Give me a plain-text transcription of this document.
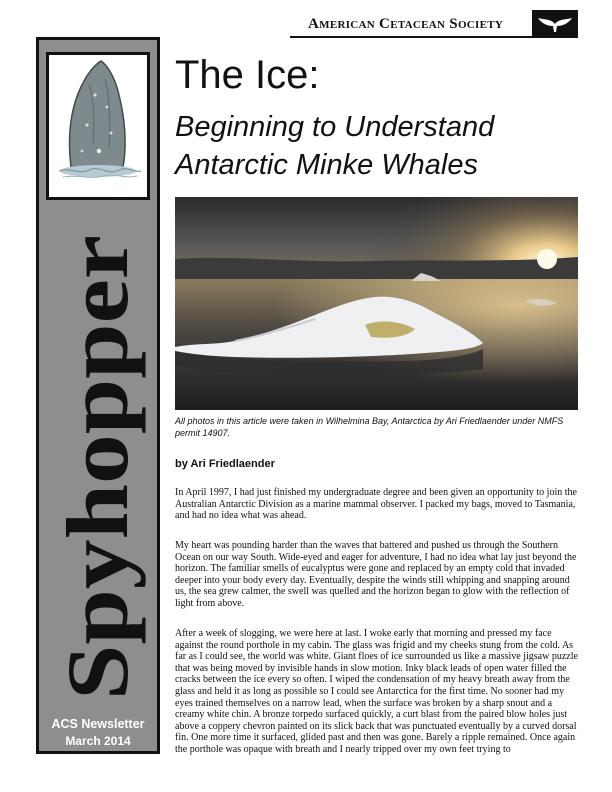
American Cetacean Society
Spyhopper
ACS Newsletter
March 2014
The Ice:
Beginning to Understand
Antarctic Minke Whales
All photos in this article were taken in Wilhelmina Bay, Antarctica by Ari Friedlaender under NMFS permit 14907.
by Ari Friedlaender

In April 1997, I had just finished my undergraduate degree and been given an opportunity to join the Australian Antarctic Division as a marine mammal observer. I packed my bags, moved to Tasmania, and had no idea what was ahead.

My heart was pounding harder than the waves that battered and pushed us through the Southern Ocean on our way South. Wide-eyed and eager for adventure, I had no idea what lay just beyond the horizon. The familiar smells of eucalyptus were gone and replaced by an empty cold that invaded deeper into your body every day. Eventually, despite the winds still whipping and snapping around us, the sea grew calmer, the swell was quelled and the horizon began to glow with the reflection of light from above.

After a week of slogging, we were here at last. I woke early that morning and pressed my face against the round porthole in my cabin. The glass was frigid and my cheeks stung from the cold. As far as I could see, the world was white. Giant floes of ice surrounded us like a massive jigsaw puzzle that was being moved by invisible hands in slow motion. Inky black leads of open water filled the cracks between the ice every so often. I wiped the condensation of my heavy breath away from the glass and held it as long as possible so I could see Antarctica for the first time. No sooner had my eyes trained themselves on a narrow lead, when the surface was broken by a sharp snout and a creamy white chin. A bronze torpedo surfaced quickly, a curt blast from the paired blow holes just above a coppery chevron painted on its slick back that was punctuated eventually by a curved dorsal fin. One more time it surfaced, glided past and then was gone. Barely a ripple remained. Once again the porthole was opaque with breath and I nearly tripped over my own feet trying to
